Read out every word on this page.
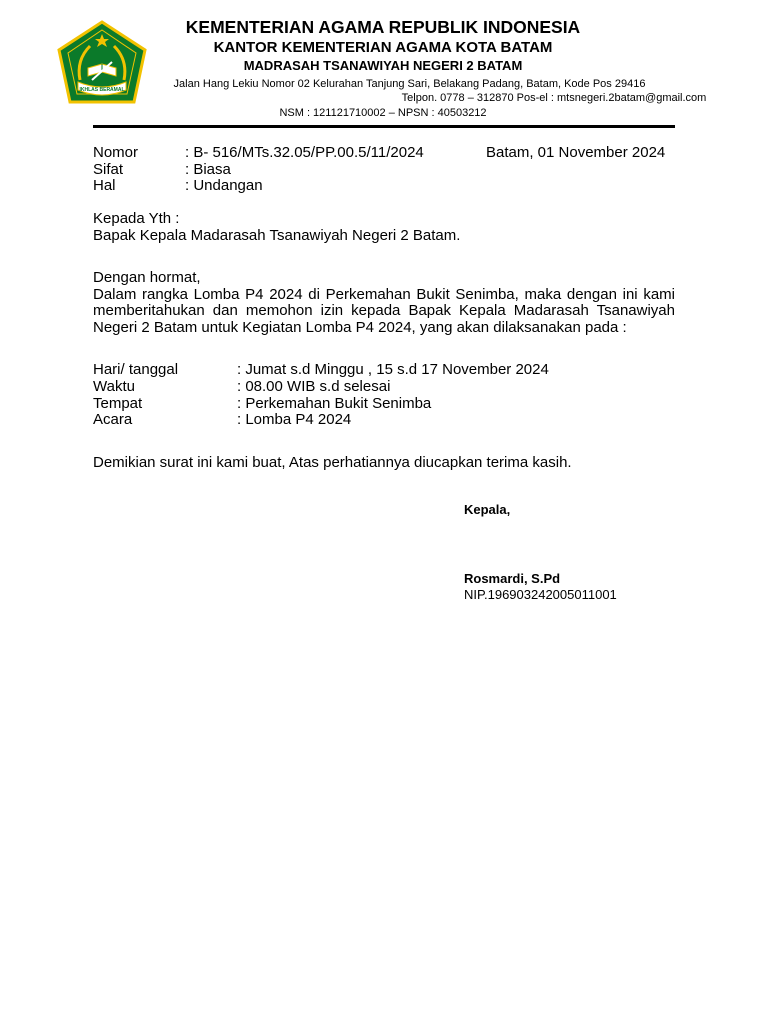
IKHLAS BERAMAL
KEMENTERIAN AGAMA REPUBLIK INDONESIA
KANTOR KEMENTERIAN AGAMA KOTA BATAM
MADRASAH TSANAWIYAH NEGERI 2 BATAM
Jalan Hang Lekiu Nomor 02 Kelurahan Tanjung Sari, Belakang Padang, Batam, Kode Pos 29416
Telpon. 0778 – 312870 Pos-el : mtsnegeri.2batam@gmail.com
NSM : 121121710002 – NPSN : 40503212
Nomor	: B- 516/MTs.32.05/PP.00.5/11/2024	Batam, 01 November 2024
Sifat	: Biasa
Hal	: Undangan
Kepada Yth :
Bapak Kepala Madarasah Tsanawiyah Negeri 2 Batam.
Dengan hormat,
Dalam rangka Lomba P4 2024 di Perkemahan Bukit Senimba, maka dengan ini kami
memberitahukan dan memohon izin kepada Bapak Kepala Madarasah Tsanawiyah
Negeri 2 Batam untuk Kegiatan Lomba P4 2024, yang akan dilaksanakan pada :
Hari/ tanggal	: Jumat s.d Minggu , 15 s.d 17 November 2024
Waktu	: 08.00 WIB s.d selesai
Tempat	: Perkemahan Bukit Senimba
Acara	: Lomba P4 2024
Demikian surat ini kami buat, Atas perhatiannya diucapkan terima kasih.
Kepala,
Rosmardi, S.Pd
NIP.196903242005011001
